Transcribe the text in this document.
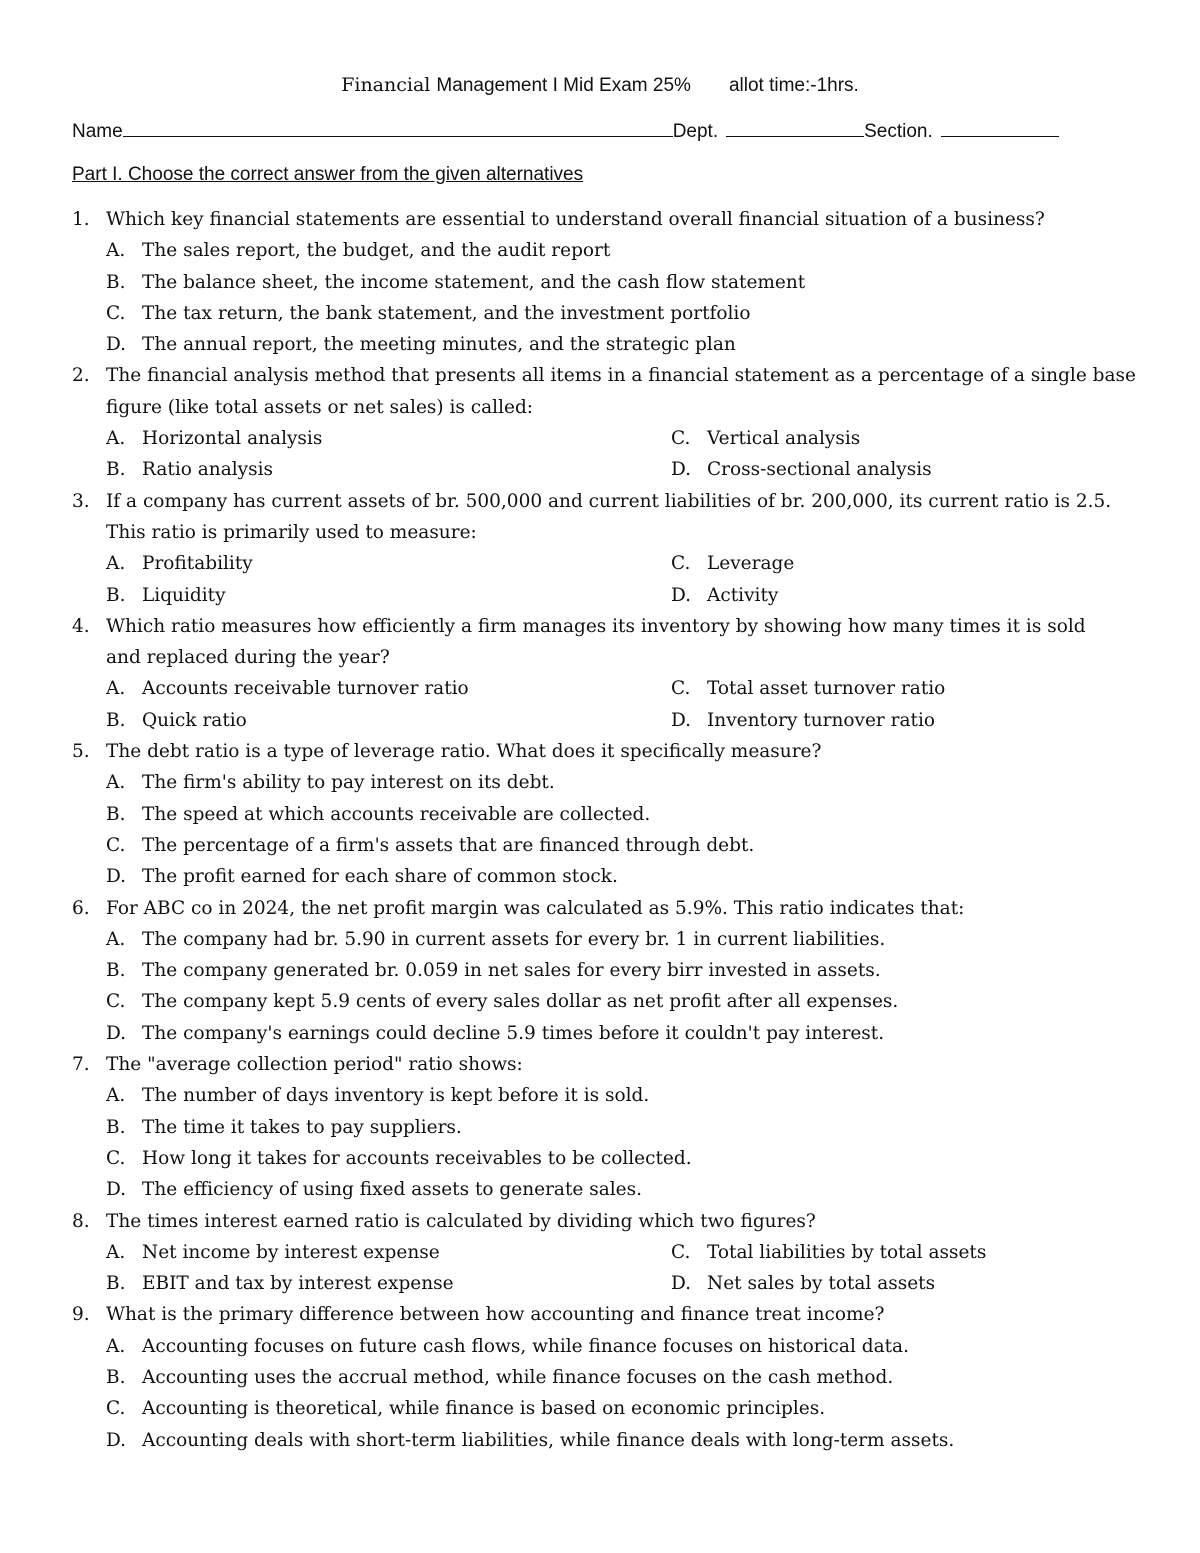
Financial Management I Mid Exam 25% allot time:-1hrs.
Name	Dept.	Section.
Part I. Choose the correct answer from the given alternatives
1. Which key financial statements are essential to understand overall financial situation of a business?
A. The sales report, the budget, and the audit report
B. The balance sheet, the income statement, and the cash flow statement
C. The tax return, the bank statement, and the investment portfolio
D. The annual report, the meeting minutes, and the strategic plan
2. The financial analysis method that presents all items in a financial statement as a percentage of a single base
figure (like total assets or net sales) is called:
A. Horizontal analysis	C. Vertical analysis
B. Ratio analysis	D. Cross-sectional analysis
3. If a company has current assets of br. 500,000 and current liabilities of br. 200,000, its current ratio is 2.5.
This ratio is primarily used to measure:
A. Profitability	C. Leverage
B. Liquidity	D. Activity
4. Which ratio measures how efficiently a firm manages its inventory by showing how many times it is sold
and replaced during the year?
A. Accounts receivable turnover ratio	C. Total asset turnover ratio
B. Quick ratio	D. Inventory turnover ratio
5. The debt ratio is a type of leverage ratio. What does it specifically measure?
A. The firm's ability to pay interest on its debt.
B. The speed at which accounts receivable are collected.
C. The percentage of a firm's assets that are financed through debt.
D. The profit earned for each share of common stock.
6. For ABC co in 2024, the net profit margin was calculated as 5.9%. This ratio indicates that:
A. The company had br. 5.90 in current assets for every br. 1 in current liabilities.
B. The company generated br. 0.059 in net sales for every birr invested in assets.
C. The company kept 5.9 cents of every sales dollar as net profit after all expenses.
D. The company's earnings could decline 5.9 times before it couldn't pay interest.
7. The "average collection period" ratio shows:
A. The number of days inventory is kept before it is sold.
B. The time it takes to pay suppliers.
C. How long it takes for accounts receivables to be collected.
D. The efficiency of using fixed assets to generate sales.
8. The times interest earned ratio is calculated by dividing which two figures?
A. Net income by interest expense	C. Total liabilities by total assets
B. EBIT and tax by interest expense	D. Net sales by total assets
9. What is the primary difference between how accounting and finance treat income?
A. Accounting focuses on future cash flows, while finance focuses on historical data.
B. Accounting uses the accrual method, while finance focuses on the cash method.
C. Accounting is theoretical, while finance is based on economic principles.
D. Accounting deals with short-term liabilities, while finance deals with long-term assets.
